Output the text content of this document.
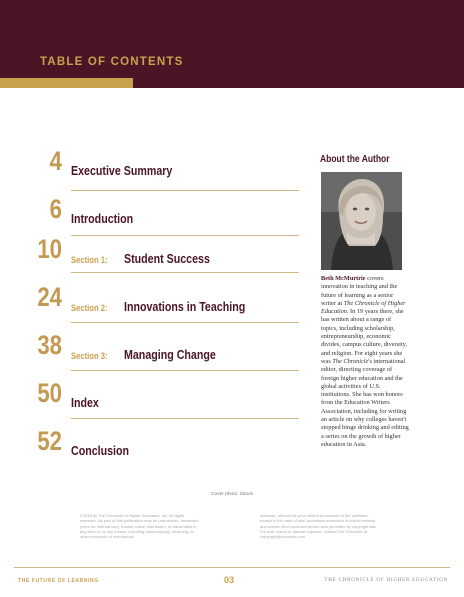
TABLE OF CONTENTS
4 Executive Summary
6 Introduction
10 Section 1: Student Success
24 Section 2: Innovations in Teaching
38 Section 3: Managing Change
50 Index
52 Conclusion
About the Author
Beth McMurtrie covers innovation in teaching and the future of learning as a senior writer at The Chronicle of Higher Education. In 19 years there, she has written about a range of topics, including scholarship, entrepreneurship, economic divides, campus culture, diversity, and religion. For eight years she was The Chronicle's international editor, directing coverage of foreign higher education and the global activities of U.S. institutions. She has won honors from the Education Writers Association, including for writing an article on why colleges haven't stopped binge drinking and editing a series on the growth of higher education in Asia.
Cover photo: iStock
©2018 by The Chronicle of Higher Education, Inc. All rights reserved. No part of this publication may be reproduced, forwarded (even for internal use), hosted online, distributed, or transmitted in any form or by any means, including photocopying, recording, or other electronic or mechanical
methods, without the prior written permission of the publisher, except in the case of brief quotations embodied in critical reviews and certain other noncommercial uses permitted by copyright law. For bulk orders or special requests, contact The Chronicle at copyright@chronicle.com.
THE FUTURE OF LEARNING	03	THE CHRONICLE OF HIGHER EDUCATION
